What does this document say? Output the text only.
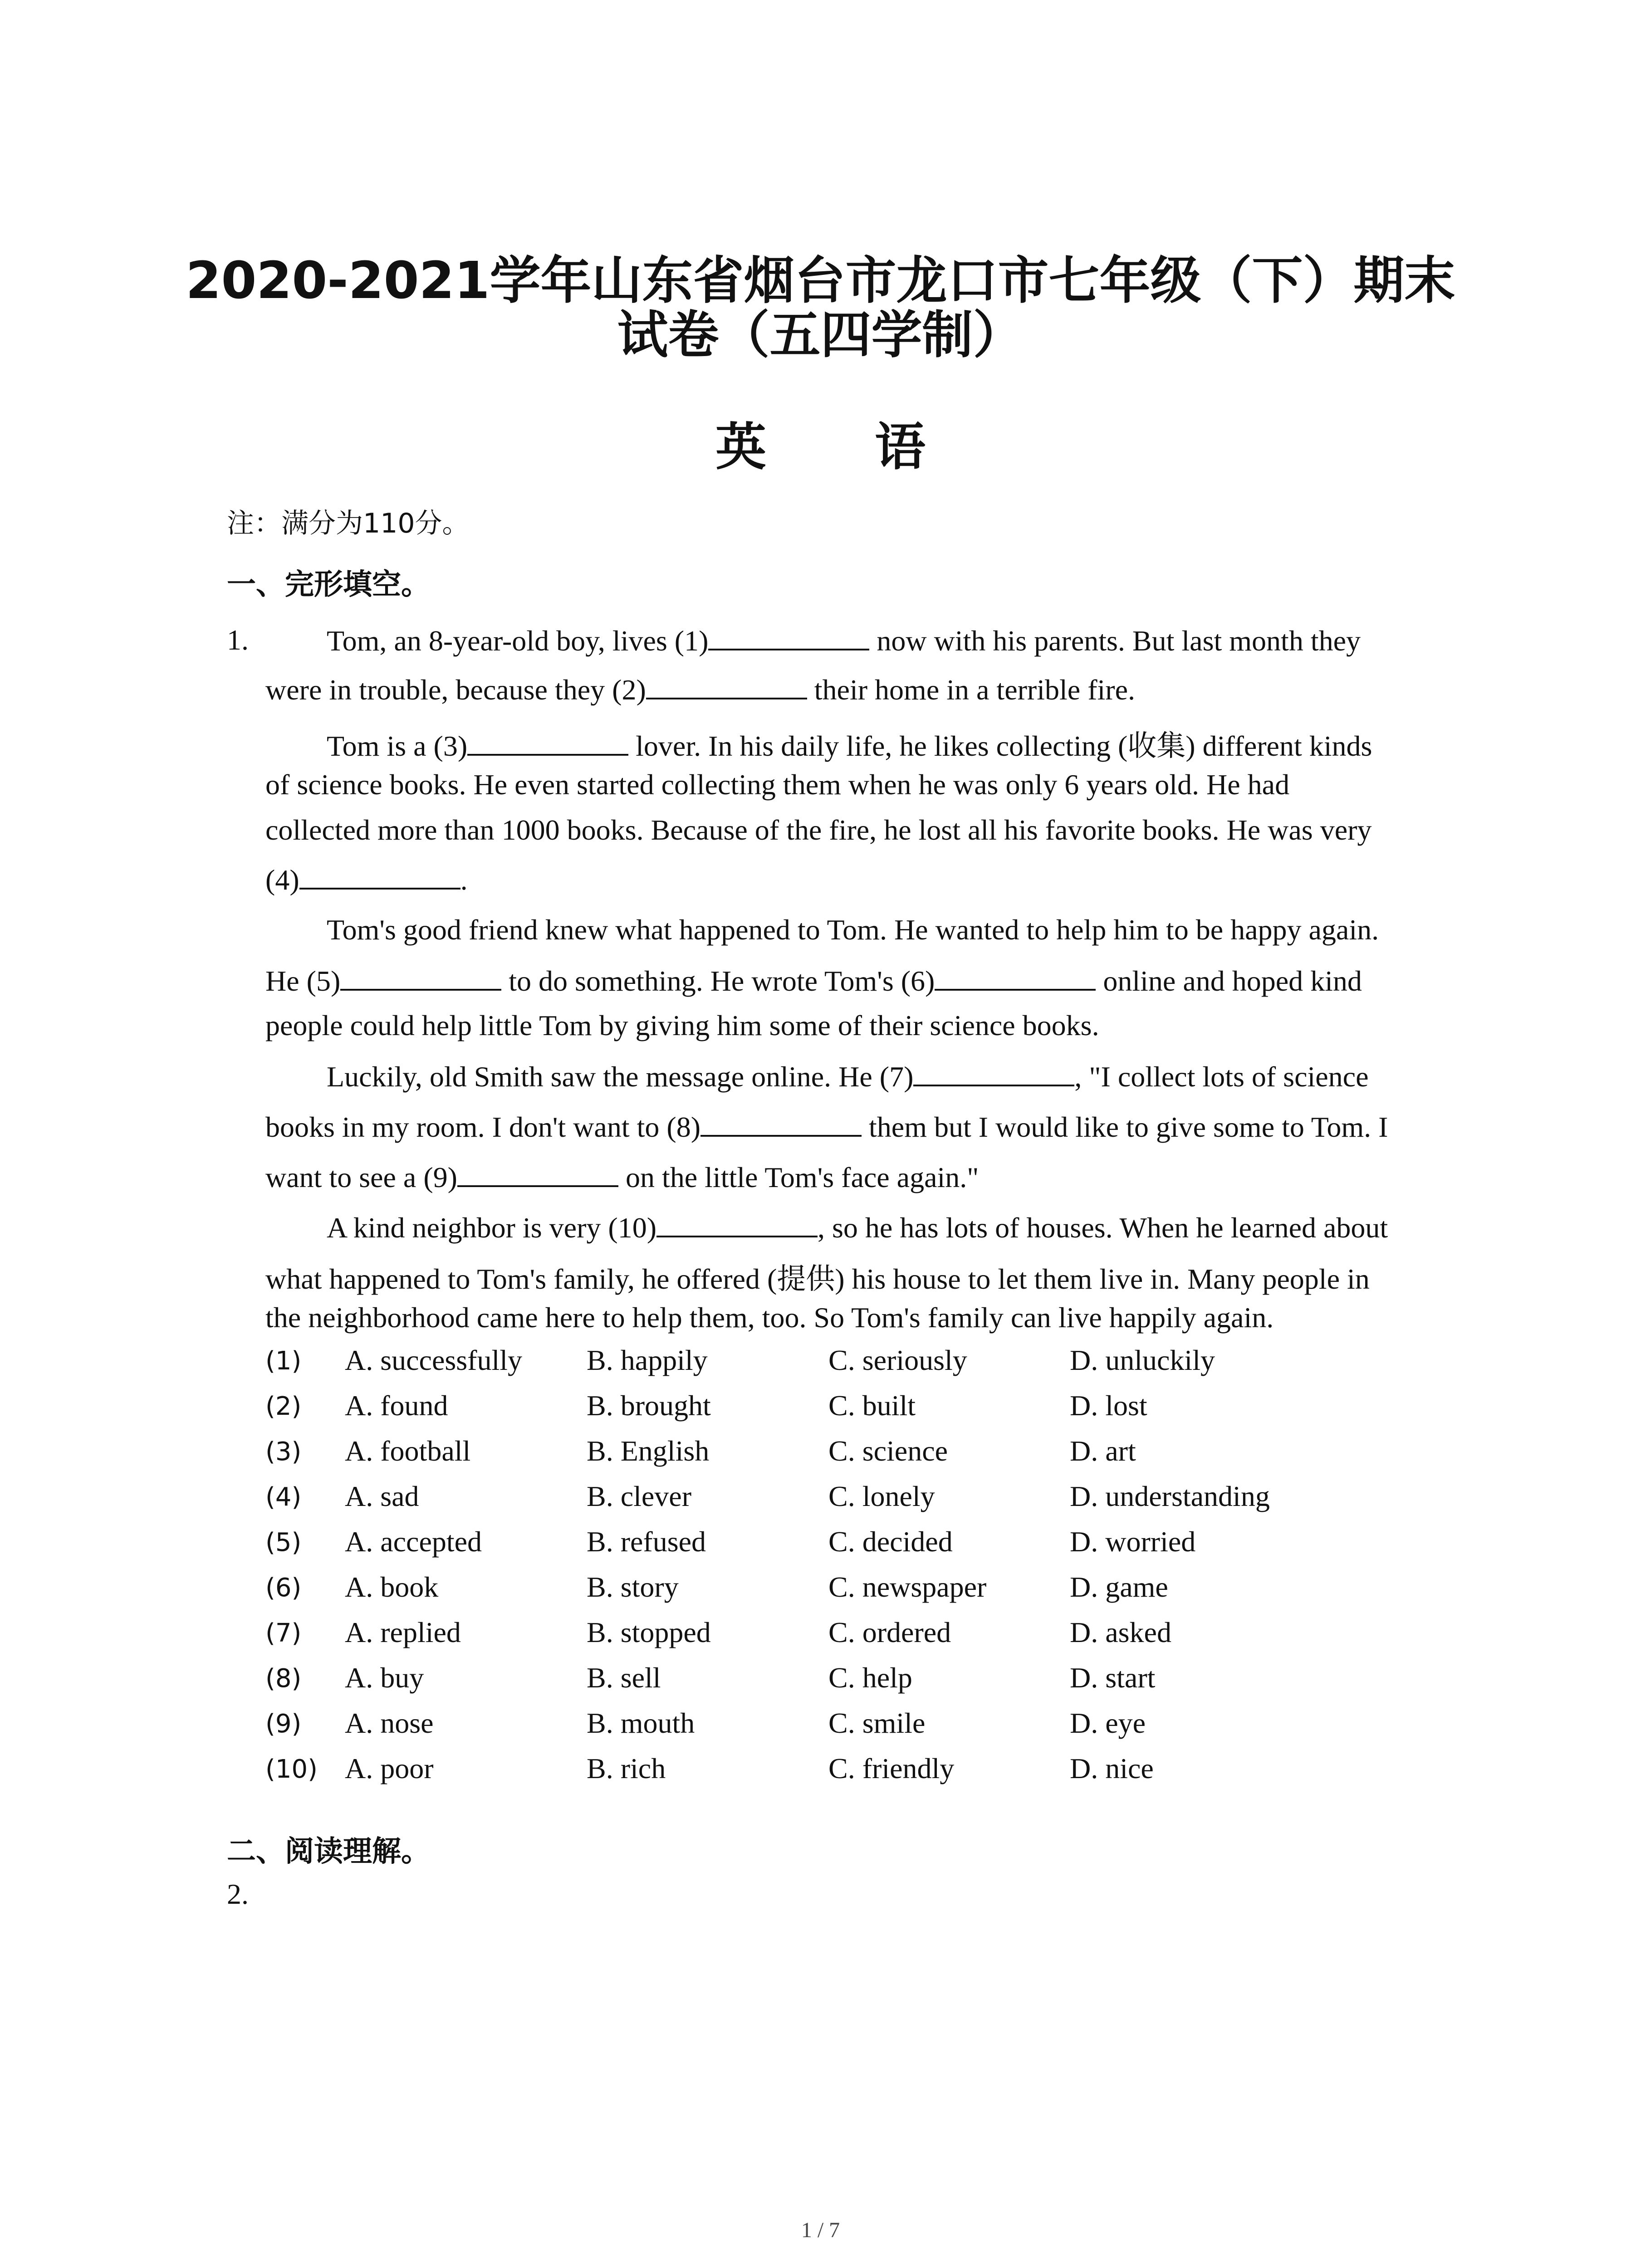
2020-2021学年山东省烟台市龙口市七年级（下）期末
试卷（五四学制）
英 语
注：满分为110分。
一、完形填空。
1.	Tom, an 8-year-old boy, lives (1)	now with his parents. But last month they
were in trouble, because they (2)	their home in a terrible fire.
Tom is a (3)	lover. In his daily life, he likes collecting (收集) different kinds
of science books. He even started collecting them when he was only 6 years old. He had
collected more than 1000 books. Because of the fire, he lost all his favorite books. He was very
(4)	.
Tom's good friend knew what happened to Tom. He wanted to help him to be happy again.
He (5)	to do something. He wrote Tom's (6)	online and hoped kind
people could help little Tom by giving him some of their science books.
Luckily, old Smith saw the message online. He (7)	, "I collect lots of science
books in my room. I don't want to (8)	them but I would like to give some to Tom. I
want to see a (9)	on the little Tom's face again."
A kind neighbor is very (10)	, so he has lots of houses. When he learned about
what happened to Tom's family, he offered (提供) his house to let them live in. Many people in
the neighborhood came here to help them, too. So Tom's family can live happily again.
(1) A. successfully B. happily	C. seriously	D. unluckily
(2) A. found	B. brought	C. built	D. lost
(3) A. football	B. English	C. science	D. art
(4) A. sad	B. clever	C. lonely	D. understanding
(5) A. accepted	B. refused	C. decided	D. worried
(6) A. book	B. story	C. newspaper	D. game
(7) A. replied	B. stopped	C. ordered	D. asked
(8) A. buy	B. sell	C. help	D. start
(9) A. nose	B. mouth	C. smile	D. eye
(10) A. poor	B. rich	C. friendly	D. nice
二、阅读理解。
2.
1 / 7
